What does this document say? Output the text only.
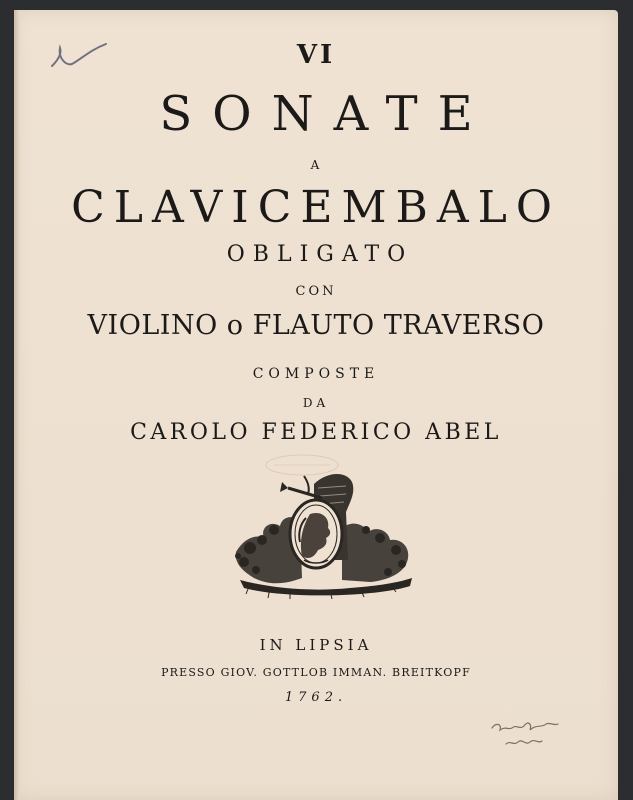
VI
SONATE
A
CLAVICEMBALO
OBLIGATO
CON
VIOLINO o FLAUTO TRAVERSO
COMPOSTE
DA
CAROLO FEDERICO ABEL
IN LIPSIA
PRESSO GIOV. GOTTLOB IMMAN. BREITKOPF
1762.
